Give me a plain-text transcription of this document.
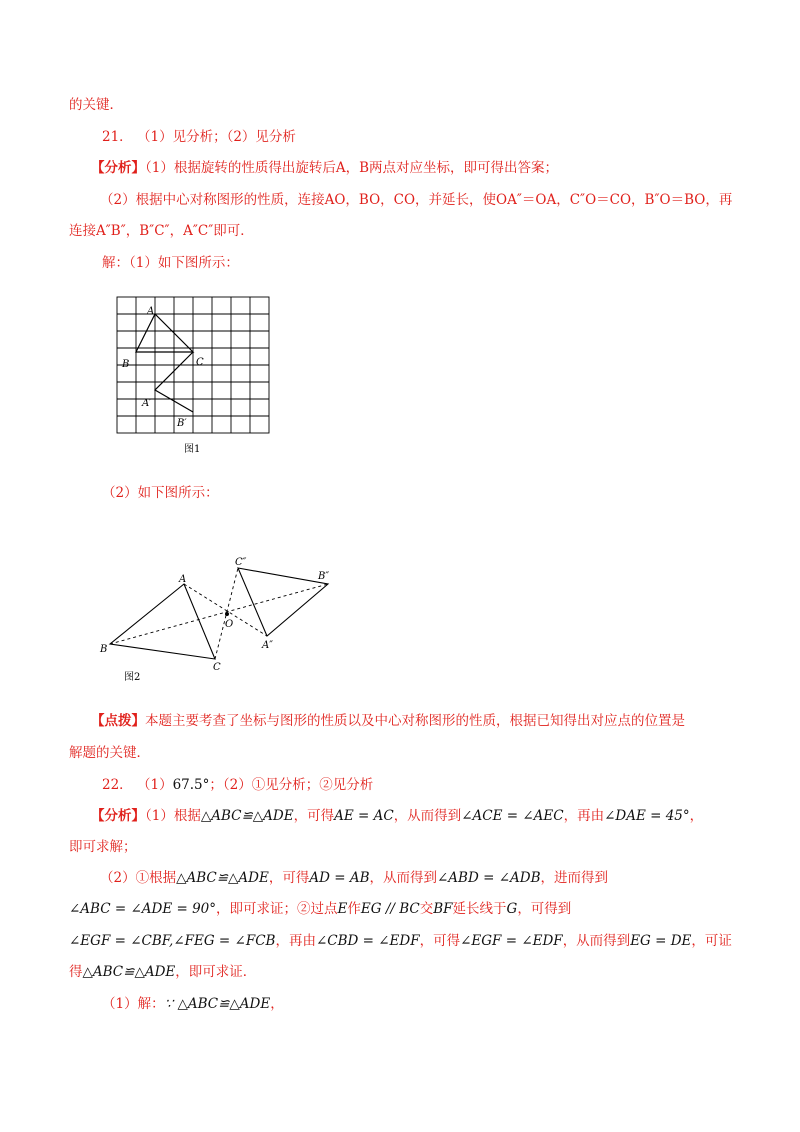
的关键．
21． （1）见分析；（2）见分析
【分析】（1）根据旋转的性质得出旋转后A，B两点对应坐标，即可得出答案；
（2）根据中心对称图形的性质，连接AO，BO，CO，并延长，使OA″＝OA，C″O＝CO，B″O＝BO，再
连接A″B″，B″C″，A″C″即可．
解：（1）如下图所示：
A
B	C
A′
B′
图1
（2）如下图所示：
A
B
C
O
A″
B″
C″
图2
【点拨】本题主要考查了坐标与图形的性质以及中心对称图形的性质，根据已知得出对应点的位置是
解题的关键．
22． （1）67.5°；（2）①见分析；②见分析
【分析】（1）根据△ABC≌△ADE，可得AE = AC，从而得到∠ACE = ∠AEC，再由∠DAE = 45°，
即可求解；
（2）①根据△ABC≌△ADE，可得AD = AB，从而得到∠ABD = ∠ADB，进而得到
∠ABC = ∠ADE = 90°，即可求证；②过点E作EG // BC交BF延长线于G，可得到
∠EGF = ∠CBF,∠FEG = ∠FCB，再由∠CBD = ∠EDF，可得∠EGF = ∠EDF，从而得到EG = DE，可证
得△ABC≌△ADE，即可求证．
（1）解：∵ △ABC≌△ADE，
